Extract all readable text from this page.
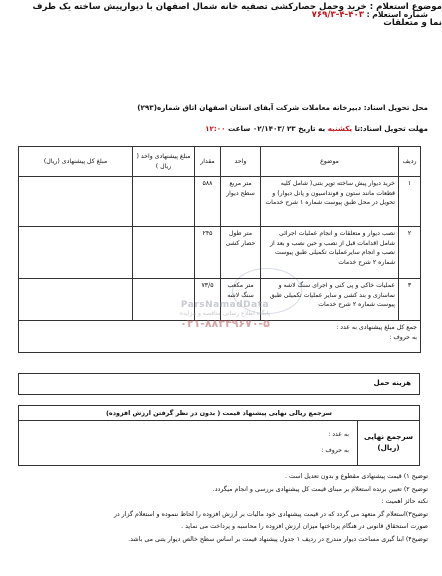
شماره استعلام : ۴۰۳-۴-۷۶۹/۳
موضوع استعلام : خرید وحمل حصارکشی تصفیه خانه شمال اصفهان با دیوارپیش ساخته یک طرف نما و متعلقات
محل تحویل اسناد: دبیرخانه معاملات شرکت آبفای استان اصفهان اتاق شماره(۲۹۳)
مهلت تحویل اسناد:تا یکشنبه به تاریخ ۲۳ /۰۲/۱۴۰۳ ساعت ۱۲:۰۰
ردیف	موضوع	واحد	مقدار	مبلغ پیشنهادی واحد ( ریال )	مبلغ کل پیشنهادی (ریال)
۱	خرید دیوار پیش ساخته توپر بتنی( شامل کلیه قطعات مانند ستون و فونداسیون و پانل دیوار) و تحویل در محل طبق پیوست شماره ۱ شرح خدمات	متر مربع سطح دیوار	۵۸۸		
۲	نصب دیوار و متعلقات و انجام عملیات اجرائی شامل اقدامات قبل از نصب و حین نصب و بعد از نصب و انجام سایرعملیات تکمیلی طبق پیوست شماره ۲ شرح خدمات	متر طول حصار کشی	۲۴۵		
۳	عملیات خاکی و پی کنی و اجرای سنگ لاشه و نماسازی و بند کشی و سایر عملیات تکمیلی طبق پیوست شماره ۲ شرح خدمات	متر مکعب سنگ لاشه	۷۳/۵		

جمع کل مبلغ پیشنهادی به عدد :
به حروف :					
ParsNamadData
پایگاه اطلاع رسانی مناقصه و مزایده
۰۲۱-۸۸۳۴۹۶۷۰-۵
هزینه حمل
سرجمع ریالی نهایی پیشنهاد قیمت ( بدون در نظر گرفتن ارزش افزوده)
سرجمع نهایی
(ریال)
به عدد :
به حروف :

توضیح ۱) قیمت پیشنهادی مقطوع و بدون تعدیل است .

توضیح ۲) تعیین برنده استعلام بر مبنای قیمت کل پیشنهادی بررسی و انجام میگردد.

نکته حائز اهمیت :

توضیح۳)استعلام گر متعهد می گردد که در قیمت پیشنهادی خود مالیات بر ارزش افزوده را لحاظ ننموده و استعلام گزار در

صورت استحقاق قانونی در هنگام پرداختها میزان ارزش افزوده را محاسبه و پرداخت می نماید .

توضیح۴) ابنا گیری مساحت دیوار مندرج در ردیف ۱ جدول پیشنهاد قیمت بر اساس سطح خالص دیوار بتنی می باشد.
